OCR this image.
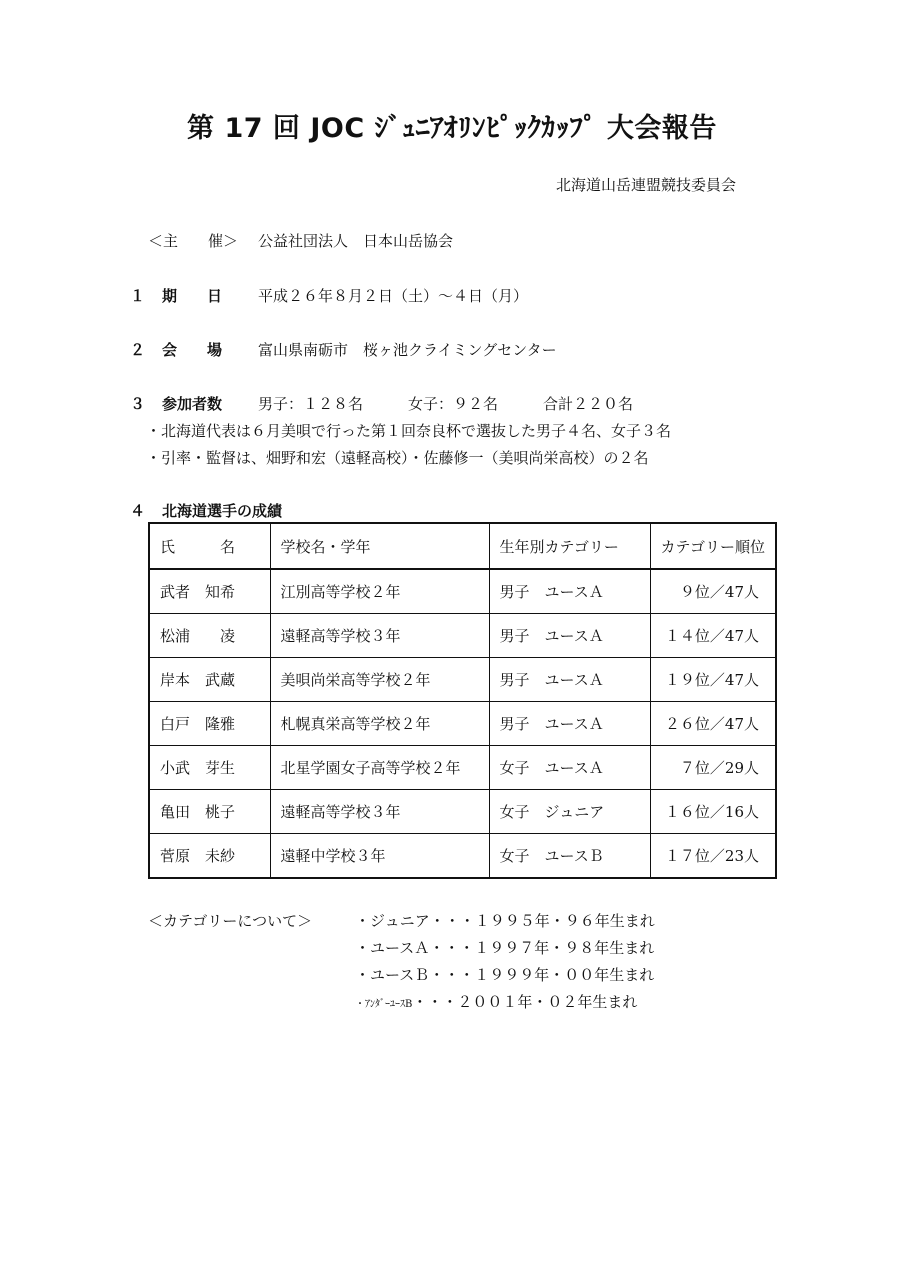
第 17 回 JOC ｼﾞｭﾆｱｵﾘﾝﾋﾟｯｸｶｯﾌﾟ 大会報告
北海道山岳連盟競技委員会
＜主　　催＞ 公益社団法人　日本山岳協会
１ 期　　日 平成２６年８月２日（土）～４日（月）
２ 会　　場 富山県南砺市　桜ヶ池クライミングセンター
３ 参加者数 男子：１２８名　　　女子：９２名　　　合計２２０名
・北海道代表は６月美唄で行った第１回奈良杯で選抜した男子４名、女子３名
・引率・監督は、畑野和宏（遠軽高校）・佐藤修一（美唄尚栄高校）の２名
４ 北海道選手の成績
氏　　　名	学校名・学年	生年別カテゴリー	カテゴリー順位
武者　知希	江別高等学校２年	男子　ユースＡ	９位／47人
松浦　　凌	遠軽高等学校３年	男子　ユースＡ	１４位／47人
岸本　武蔵	美唄尚栄高等学校２年	男子　ユースＡ	１９位／47人
白戸　隆雅	札幌真栄高等学校２年	男子　ユースＡ	２６位／47人
小武　芽生	北星学園女子高等学校２年	女子　ユースＡ	７位／29人
亀田　桃子	遠軽高等学校３年	女子　ジュニア	１６位／16人
菅原　未紗	遠軽中学校３年	女子　ユースＢ	１７位／23人
＜カテゴリーについて＞	・ジュニア・・・１９９５年・９６年生まれ
・ユースＡ・・・１９９７年・９８年生まれ
・ユースＢ・・・１９９９年・００年生まれ
・ｱﾝﾀﾞｰﾕｰｽB・・・２００１年・０２年生まれ
